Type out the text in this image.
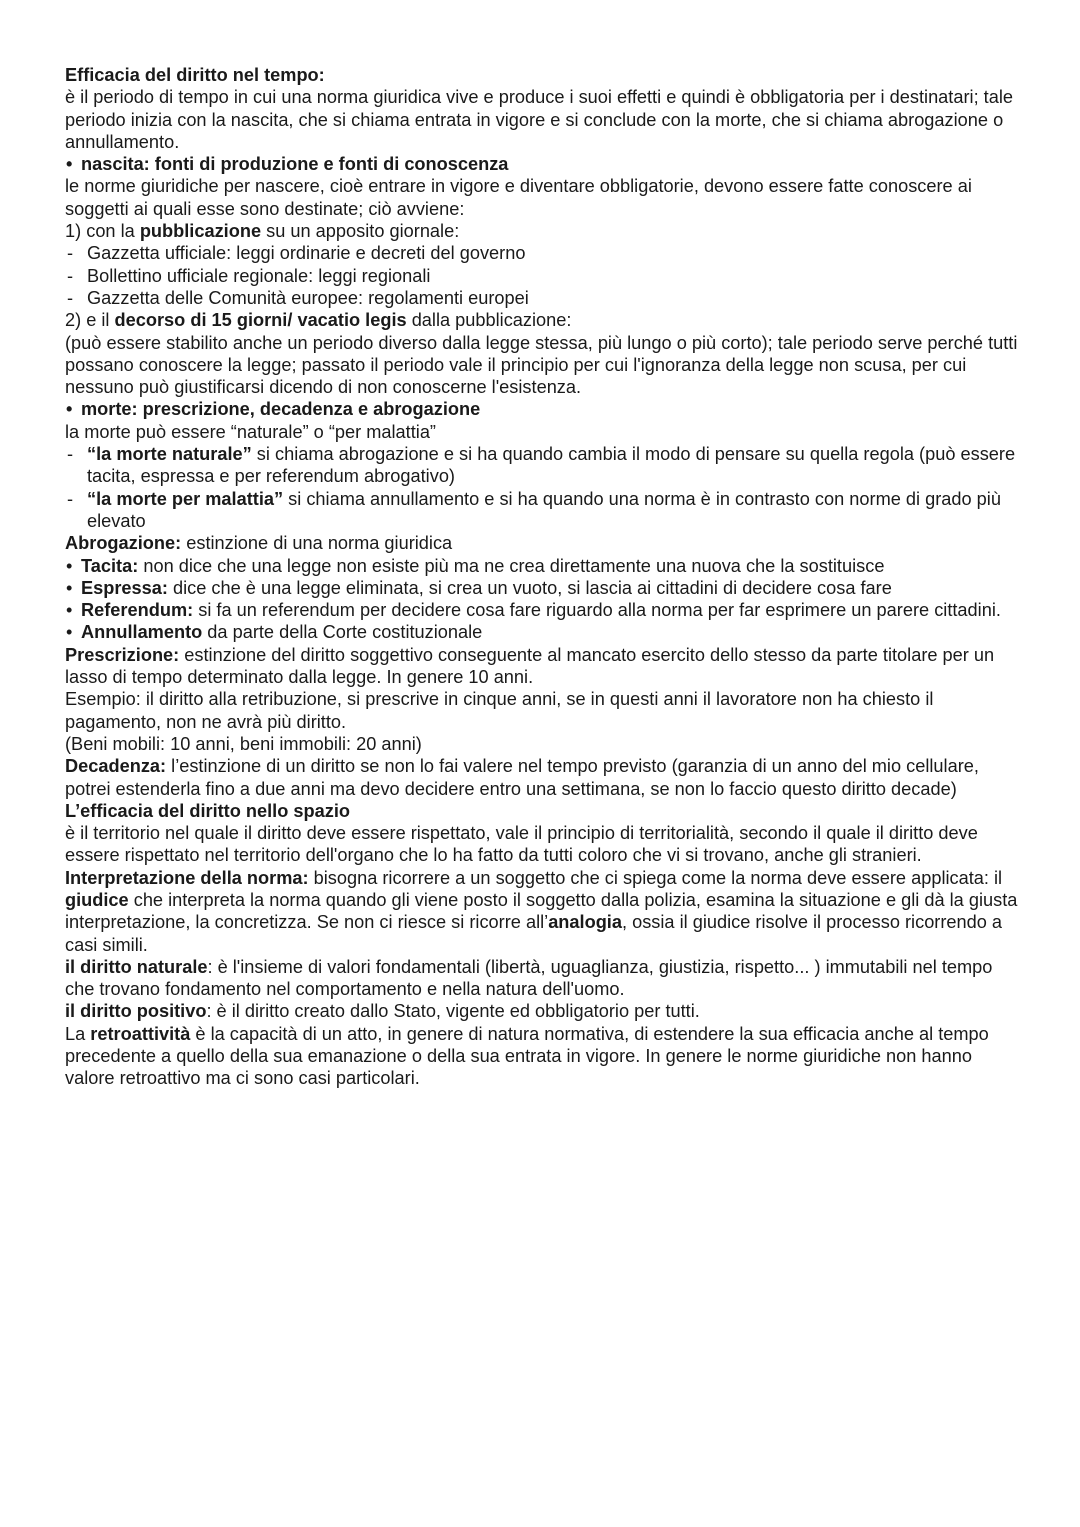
Efficacia del diritto nel tempo:
è il periodo di tempo in cui una norma giuridica vive e produce i suoi effetti e quindi è obbligatoria per i destinatari; tale periodo inizia con la nascita, che si chiama entrata in vigore e si conclude con la morte, che si chiama abrogazione o annullamento.
• nascita: fonti di produzione e fonti di conoscenza
le norme giuridiche per nascere, cioè entrare in vigore e diventare obbligatorie, devono essere fatte conoscere ai soggetti ai quali esse sono destinate; ciò avviene:
1) con la pubblicazione su un apposito giornale:
- Gazzetta ufficiale: leggi ordinarie e decreti del governo
- Bollettino ufficiale regionale: leggi regionali
- Gazzetta delle Comunità europee: regolamenti europei
2) e il decorso di 15 giorni/ vacatio legis dalla pubblicazione:
(può essere stabilito anche un periodo diverso dalla legge stessa, più lungo o più corto); tale periodo serve perché tutti possano conoscere la legge; passato il periodo vale il principio per cui l'ignoranza della legge non scusa, per cui nessuno può giustificarsi dicendo di non conoscerne l'esistenza.
• morte: prescrizione, decadenza e abrogazione
la morte può essere “naturale” o “per malattia”
- “la morte naturale” si chiama abrogazione e si ha quando cambia il modo di pensare su quella regola (può essere tacita, espressa e per referendum abrogativo)
- “la morte per malattia” si chiama annullamento e si ha quando una norma è in contrasto con norme di grado più elevato
Abrogazione: estinzione di una norma giuridica
• Tacita: non dice che una legge non esiste più ma ne crea direttamente una nuova che la sostituisce
• Espressa: dice che è una legge eliminata, si crea un vuoto, si lascia ai cittadini di decidere cosa fare
• Referendum: si fa un referendum per decidere cosa fare riguardo alla norma per far esprimere un parere cittadini.
• Annullamento da parte della Corte costituzionale
Prescrizione: estinzione del diritto soggettivo conseguente al mancato esercito dello stesso da parte titolare per un lasso di tempo determinato dalla legge. In genere 10 anni.
Esempio: il diritto alla retribuzione, si prescrive in cinque anni, se in questi anni il lavoratore non ha chiesto il pagamento, non ne avrà più diritto.
(Beni mobili: 10 anni, beni immobili: 20 anni)
Decadenza: l’estinzione di un diritto se non lo fai valere nel tempo previsto (garanzia di un anno del mio cellulare, potrei estenderla fino a due anni ma devo decidere entro una settimana, se non lo faccio questo diritto decade)
L’efficacia del diritto nello spazio
è il territorio nel quale il diritto deve essere rispettato, vale il principio di territorialità, secondo il quale il diritto deve essere rispettato nel territorio dell'organo che lo ha fatto da tutti coloro che vi si trovano, anche gli stranieri.
Interpretazione della norma: bisogna ricorrere a un soggetto che ci spiega come la norma deve essere applicata: il giudice che interpreta la norma quando gli viene posto il soggetto dalla polizia, esamina la situazione e gli dà la giusta interpretazione, la concretizza. Se non ci riesce si ricorre all’analogia, ossia il giudice risolve il processo ricorrendo a casi simili.
il diritto naturale: è l'insieme di valori fondamentali (libertà, uguaglianza, giustizia, rispetto... ) immutabili nel tempo che trovano fondamento nel comportamento e nella natura dell'uomo.
il diritto positivo: è il diritto creato dallo Stato, vigente ed obbligatorio per tutti.
La retroattività è la capacità di un atto, in genere di natura normativa, di estendere la sua efficacia anche al tempo precedente a quello della sua emanazione o della sua entrata in vigore. In genere le norme giuridiche non hanno valore retroattivo ma ci sono casi particolari.
